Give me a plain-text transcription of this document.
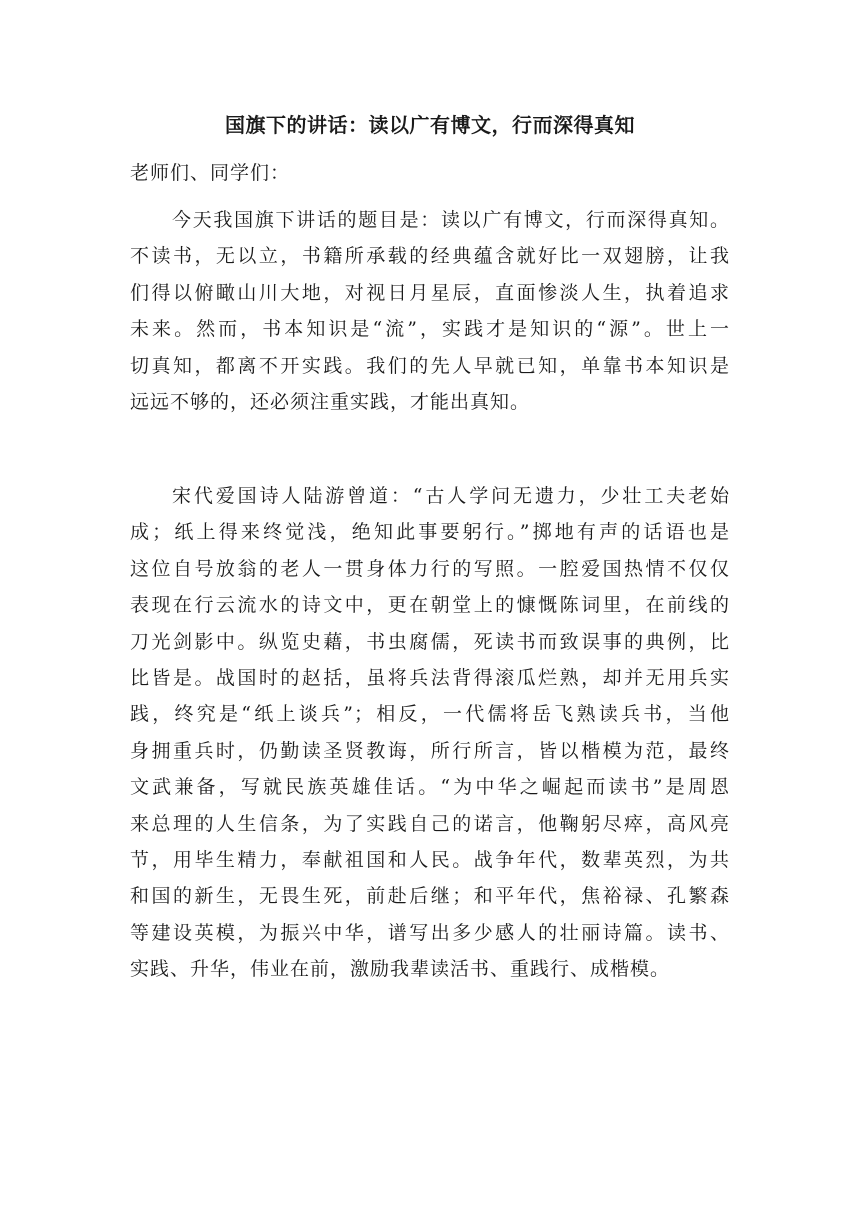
国旗下的讲话：读以广有博文，行而深得真知

老师们、同学们：

今天我国旗下讲话的题目是：读以广有博文，行而深得真知。
不读书，无以立，书籍所承载的经典蕴含就好比一双翅膀，让我
们得以俯瞰山川大地，对视日月星辰，直面惨淡人生，执着追求
未来。然而，书本知识是“流”，实践才是知识的“源”。世上一
切真知，都离不开实践。我们的先人早就已知，单靠书本知识是
远远不够的，还必须注重实践，才能出真知。
宋代爱国诗人陆游曾道：“古人学问无遗力，少壮工夫老始
成；纸上得来终觉浅，绝知此事要躬行。”掷地有声的话语也是
这位自号放翁的老人一贯身体力行的写照。一腔爱国热情不仅仅
表现在行云流水的诗文中，更在朝堂上的慷慨陈词里，在前线的
刀光剑影中。纵览史藉，书虫腐儒，死读书而致误事的典例，比
比皆是。战国时的赵括，虽将兵法背得滚瓜烂熟，却并无用兵实
践，终究是“纸上谈兵”；相反，一代儒将岳飞熟读兵书，当他
身拥重兵时，仍勤读圣贤教诲，所行所言，皆以楷模为范，最终
文武兼备，写就民族英雄佳话。“为中华之崛起而读书”是周恩
来总理的人生信条，为了实践自己的诺言，他鞠躬尽瘁，高风亮
节，用毕生精力，奉献祖国和人民。战争年代，数辈英烈，为共
和国的新生，无畏生死，前赴后继；和平年代，焦裕禄、孔繁森
等建设英模，为振兴中华，谱写出多少感人的壮丽诗篇。读书、
实践、升华，伟业在前，激励我辈读活书、重践行、成楷模。
